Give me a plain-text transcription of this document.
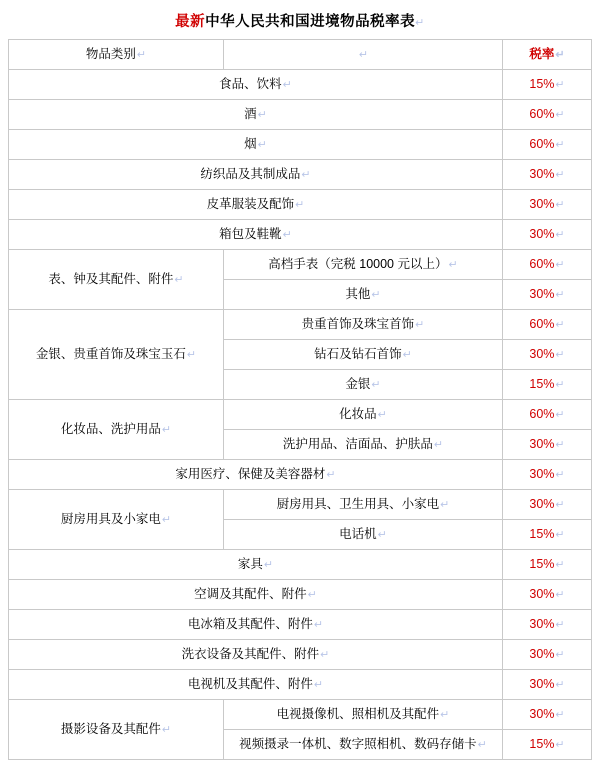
最新中华人民共和国进境物品税率表↵
物品类别↵	↵	税率↵
食品、饮料↵		15%↵
酒↵		60%↵
烟↵		60%↵
纺织品及其制成品↵		30%↵
皮革服装及配饰↵		30%↵
箱包及鞋靴↵		30%↵
表、钟及其配件、附件↵	高档手表（完税 10000 元以上）↵	60%↵
	其他↵	30%↵
金银、贵重首饰及珠宝玉石↵	贵重首饰及珠宝首饰↵	60%↵
	钻石及钻石首饰↵	30%↵
	金银↵	15%↵
化妆品、洗护用品↵	化妆品↵	60%↵
	洗护用品、洁面品、护肤品↵	30%↵
家用医疗、保健及美容器材↵		30%↵
厨房用具及小家电↵	厨房用具、卫生用具、小家电↵	30%↵
	电话机↵	15%↵
家具↵		15%↵
空调及其配件、附件↵		30%↵
电冰箱及其配件、附件↵		30%↵
洗衣设备及其配件、附件↵		30%↵
电视机及其配件、附件↵		30%↵
摄影设备及其配件↵	电视摄像机、照相机及其配件↵	30%↵
	视频摄录一体机、数字照相机、数码存储卡↵	15%↵
